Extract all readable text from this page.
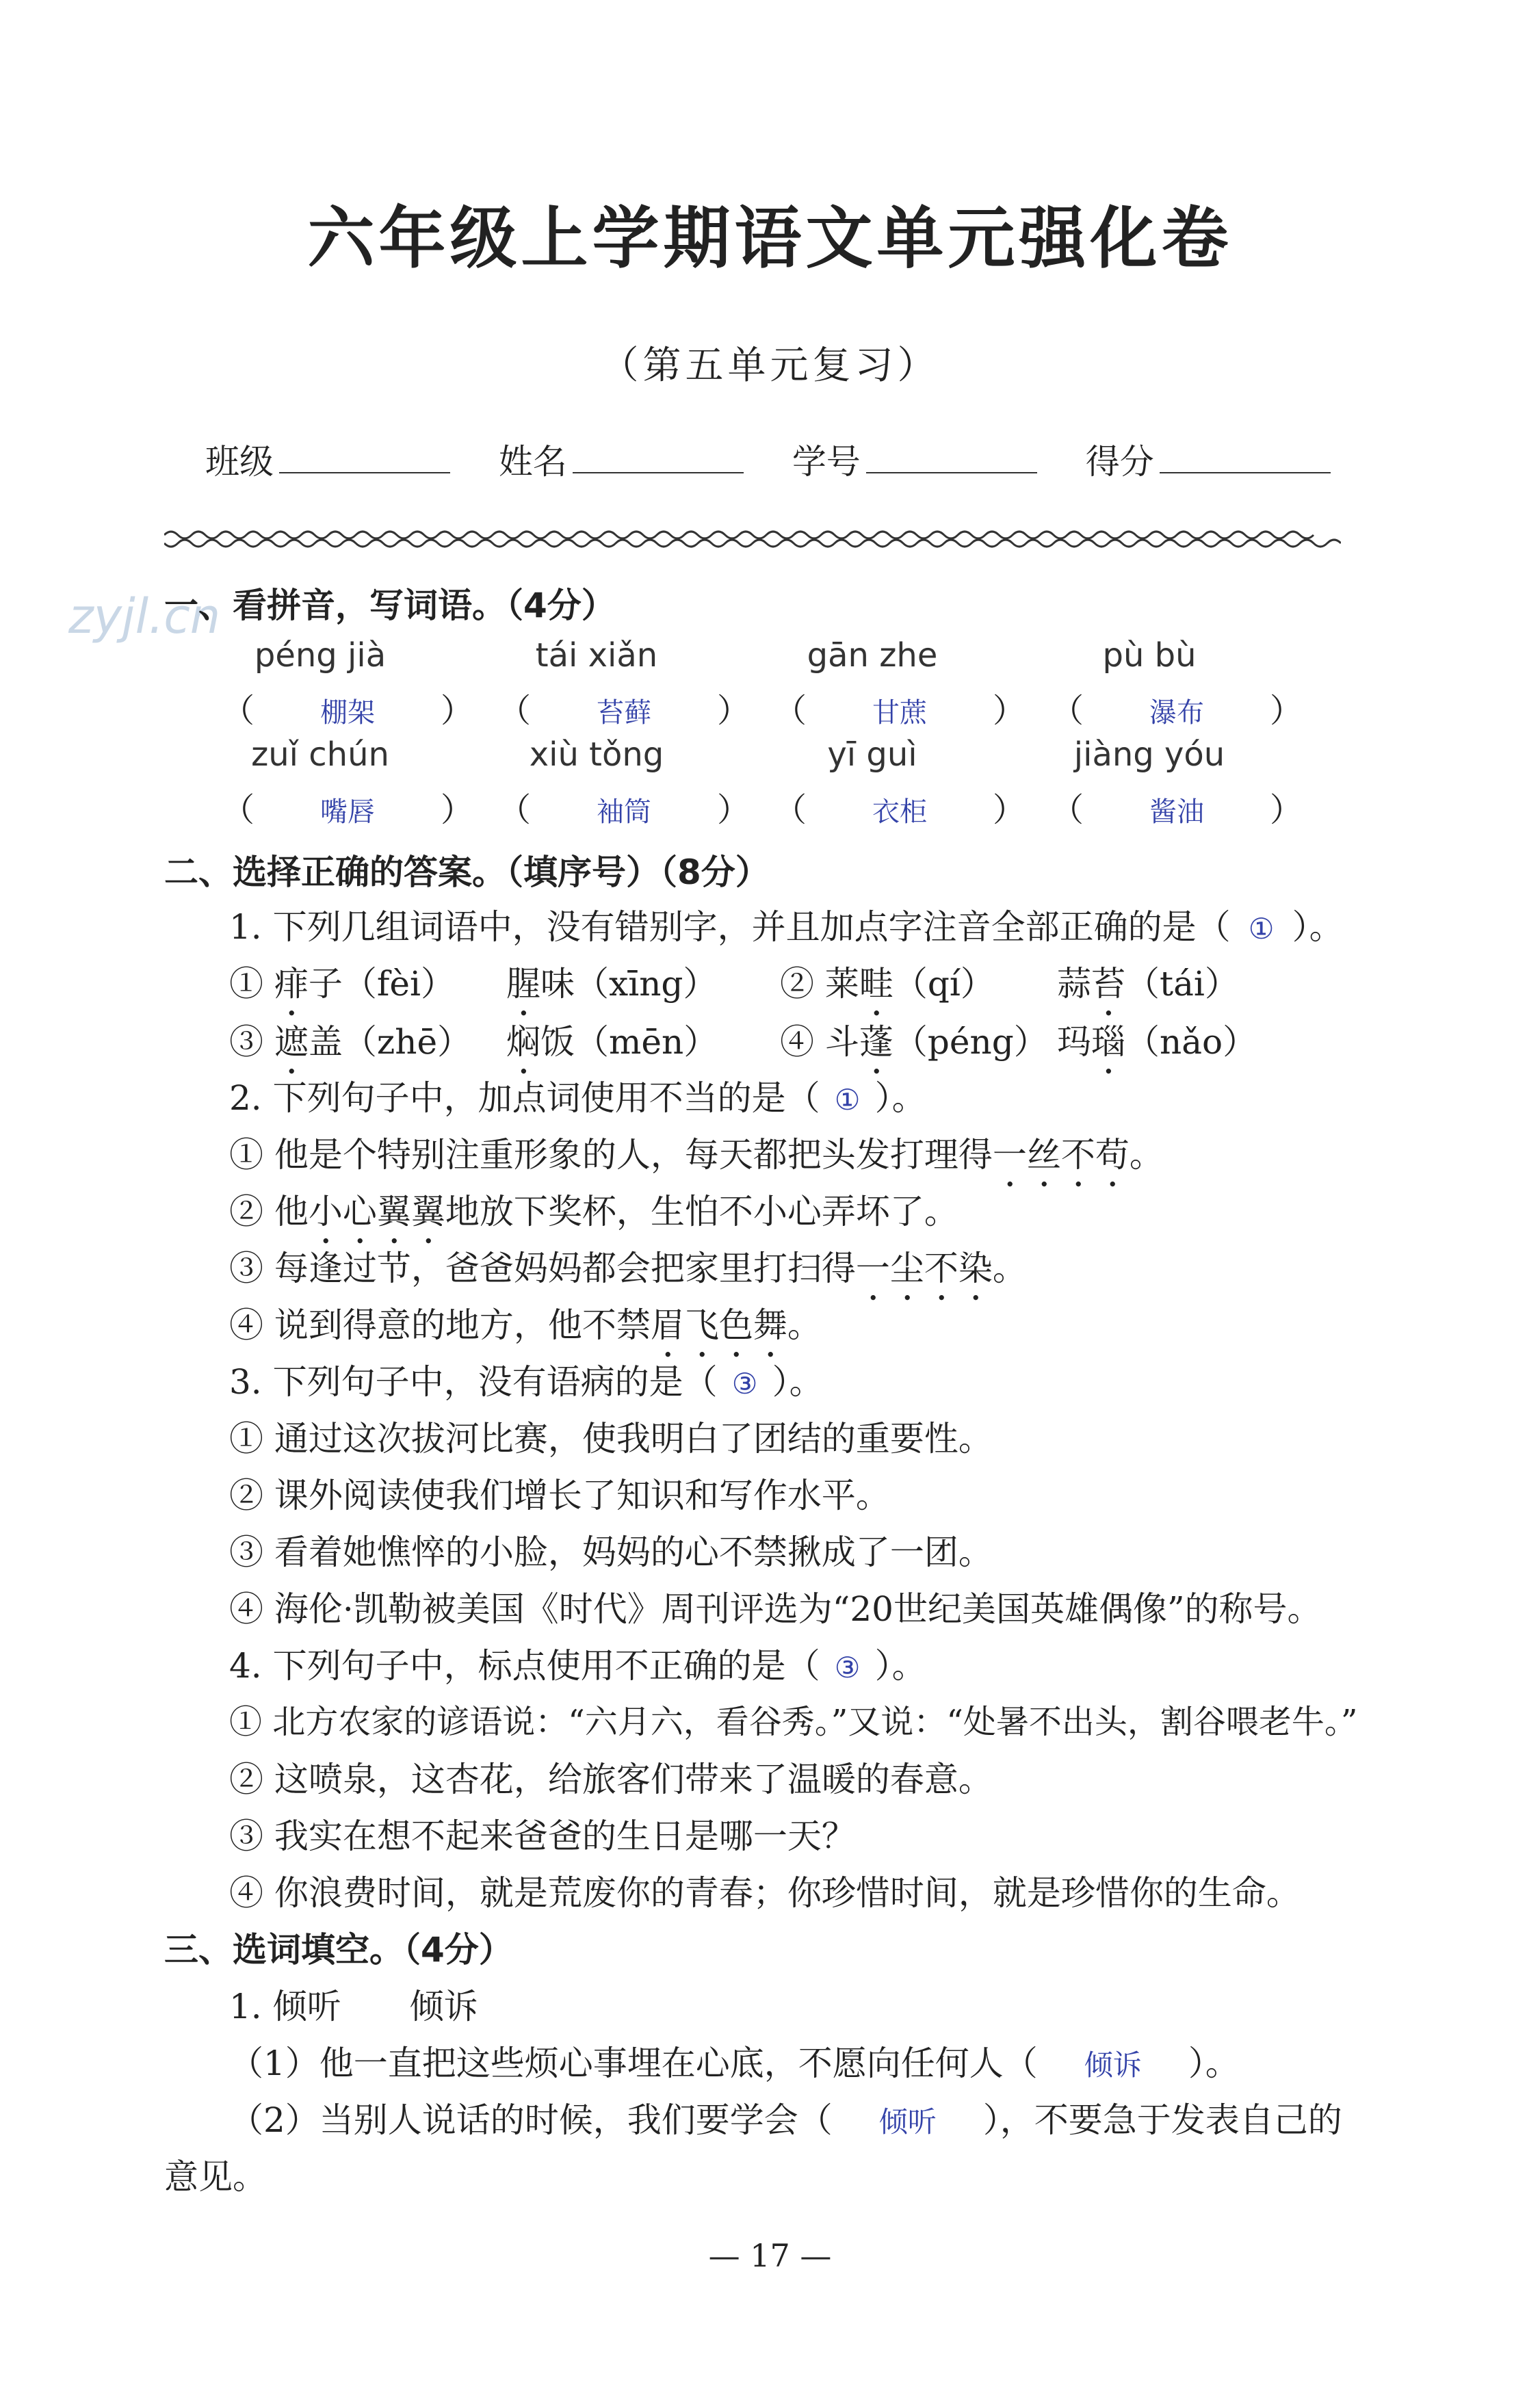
六年级上学期语文单元强化卷
（第五单元复习）
班级	姓名	学号	得分
zyjl.cn
一、看拼音，写词语。（4分）
péng jià	tái xiǎn	gān zhe	pù bù
（ 棚架 ） （ 苔藓 ） （ 甘蔗 ） （ 瀑布 ）
zuǐ chún	xiù tǒng	yī guì	jiàng yóu
（ 嘴唇 ） （ 袖筒 ） （ 衣柜 ） （ 酱油 ）
二、选择正确的答案。（填序号）（8分）
1. 下列几组词语中，没有错别字，并且加点字注音全部正确的是（ ① ）。
① 痱子（fèi） 腥味（xīng） ② 莱畦（qí） 蒜苔（tái）
③ 遮盖（zhē） 焖饭（mēn） ④ 斗蓬（péng） 玛瑙（nǎo）
2. 下列句子中，加点词使用不当的是（ ① ）。
① 他是个特别注重形象的人，每天都把头发打理得一丝不苟。
② 他小心翼翼地放下奖杯，生怕不小心弄坏了。
③ 每逢过节，爸爸妈妈都会把家里打扫得一尘不染。
④ 说到得意的地方，他不禁眉飞色舞。
3. 下列句子中，没有语病的是（ ③ ）。
① 通过这次拔河比赛，使我明白了团结的重要性。
② 课外阅读使我们增长了知识和写作水平。
③ 看着她憔悴的小脸，妈妈的心不禁揪成了一团。
④ 海伦·凯勒被美国《时代》周刊评选为“20世纪美国英雄偶像”的称号。
4. 下列句子中，标点使用不正确的是（ ③ ）。
① 北方农家的谚语说：“六月六，看谷秀。”又说：“处暑不出头，割谷喂老牛。”
② 这喷泉，这杏花，给旅客们带来了温暖的春意。
③ 我实在想不起来爸爸的生日是哪一天？
④ 你浪费时间，就是荒废你的青春；你珍惜时间，就是珍惜你的生命。
三、选词填空。（4分）
1. 倾听　　倾诉
（1）他一直把这些烦心事埋在心底，不愿向任何人（ 倾诉 ）。
（2）当别人说话的时候，我们要学会（ 倾听 ），不要急于发表自己的
意见。
— 17 —
